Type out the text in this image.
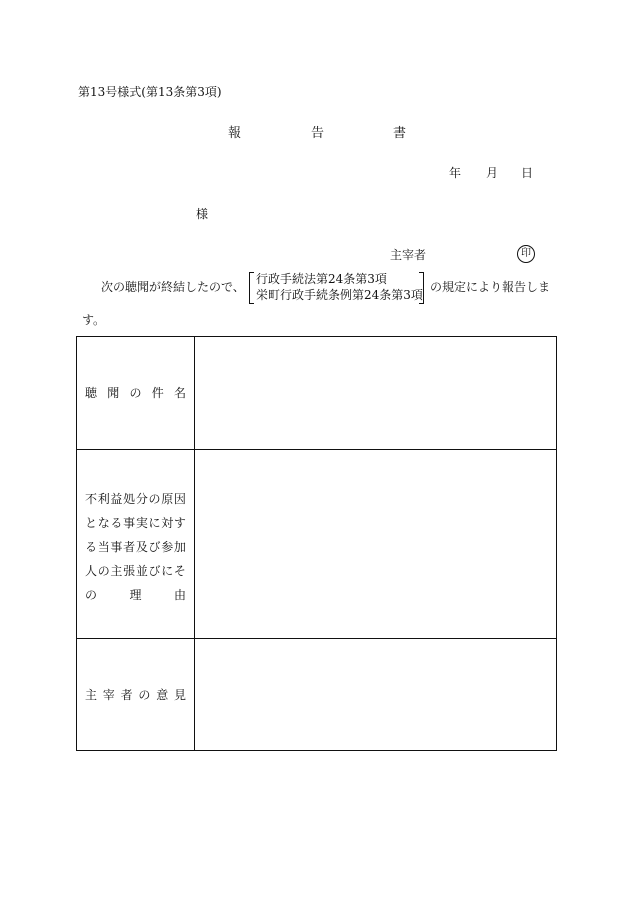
第13号様式(第13条第3項)
報	告	書
年 月 日
様
主宰者	印
次の聴聞が終結したので、
行政手続法第24条第3項
栄町行政手続条例第24条第3項
の規定により報告しま
す。
聴 聞 の 件 名
不 利 益 処 分 の 原 因
と な る 事 実 に 対 す
る 当 事 者 及 び 参 加
人 の 主 張 並 び に そ
の	理	由
主 宰 者 の 意 見
